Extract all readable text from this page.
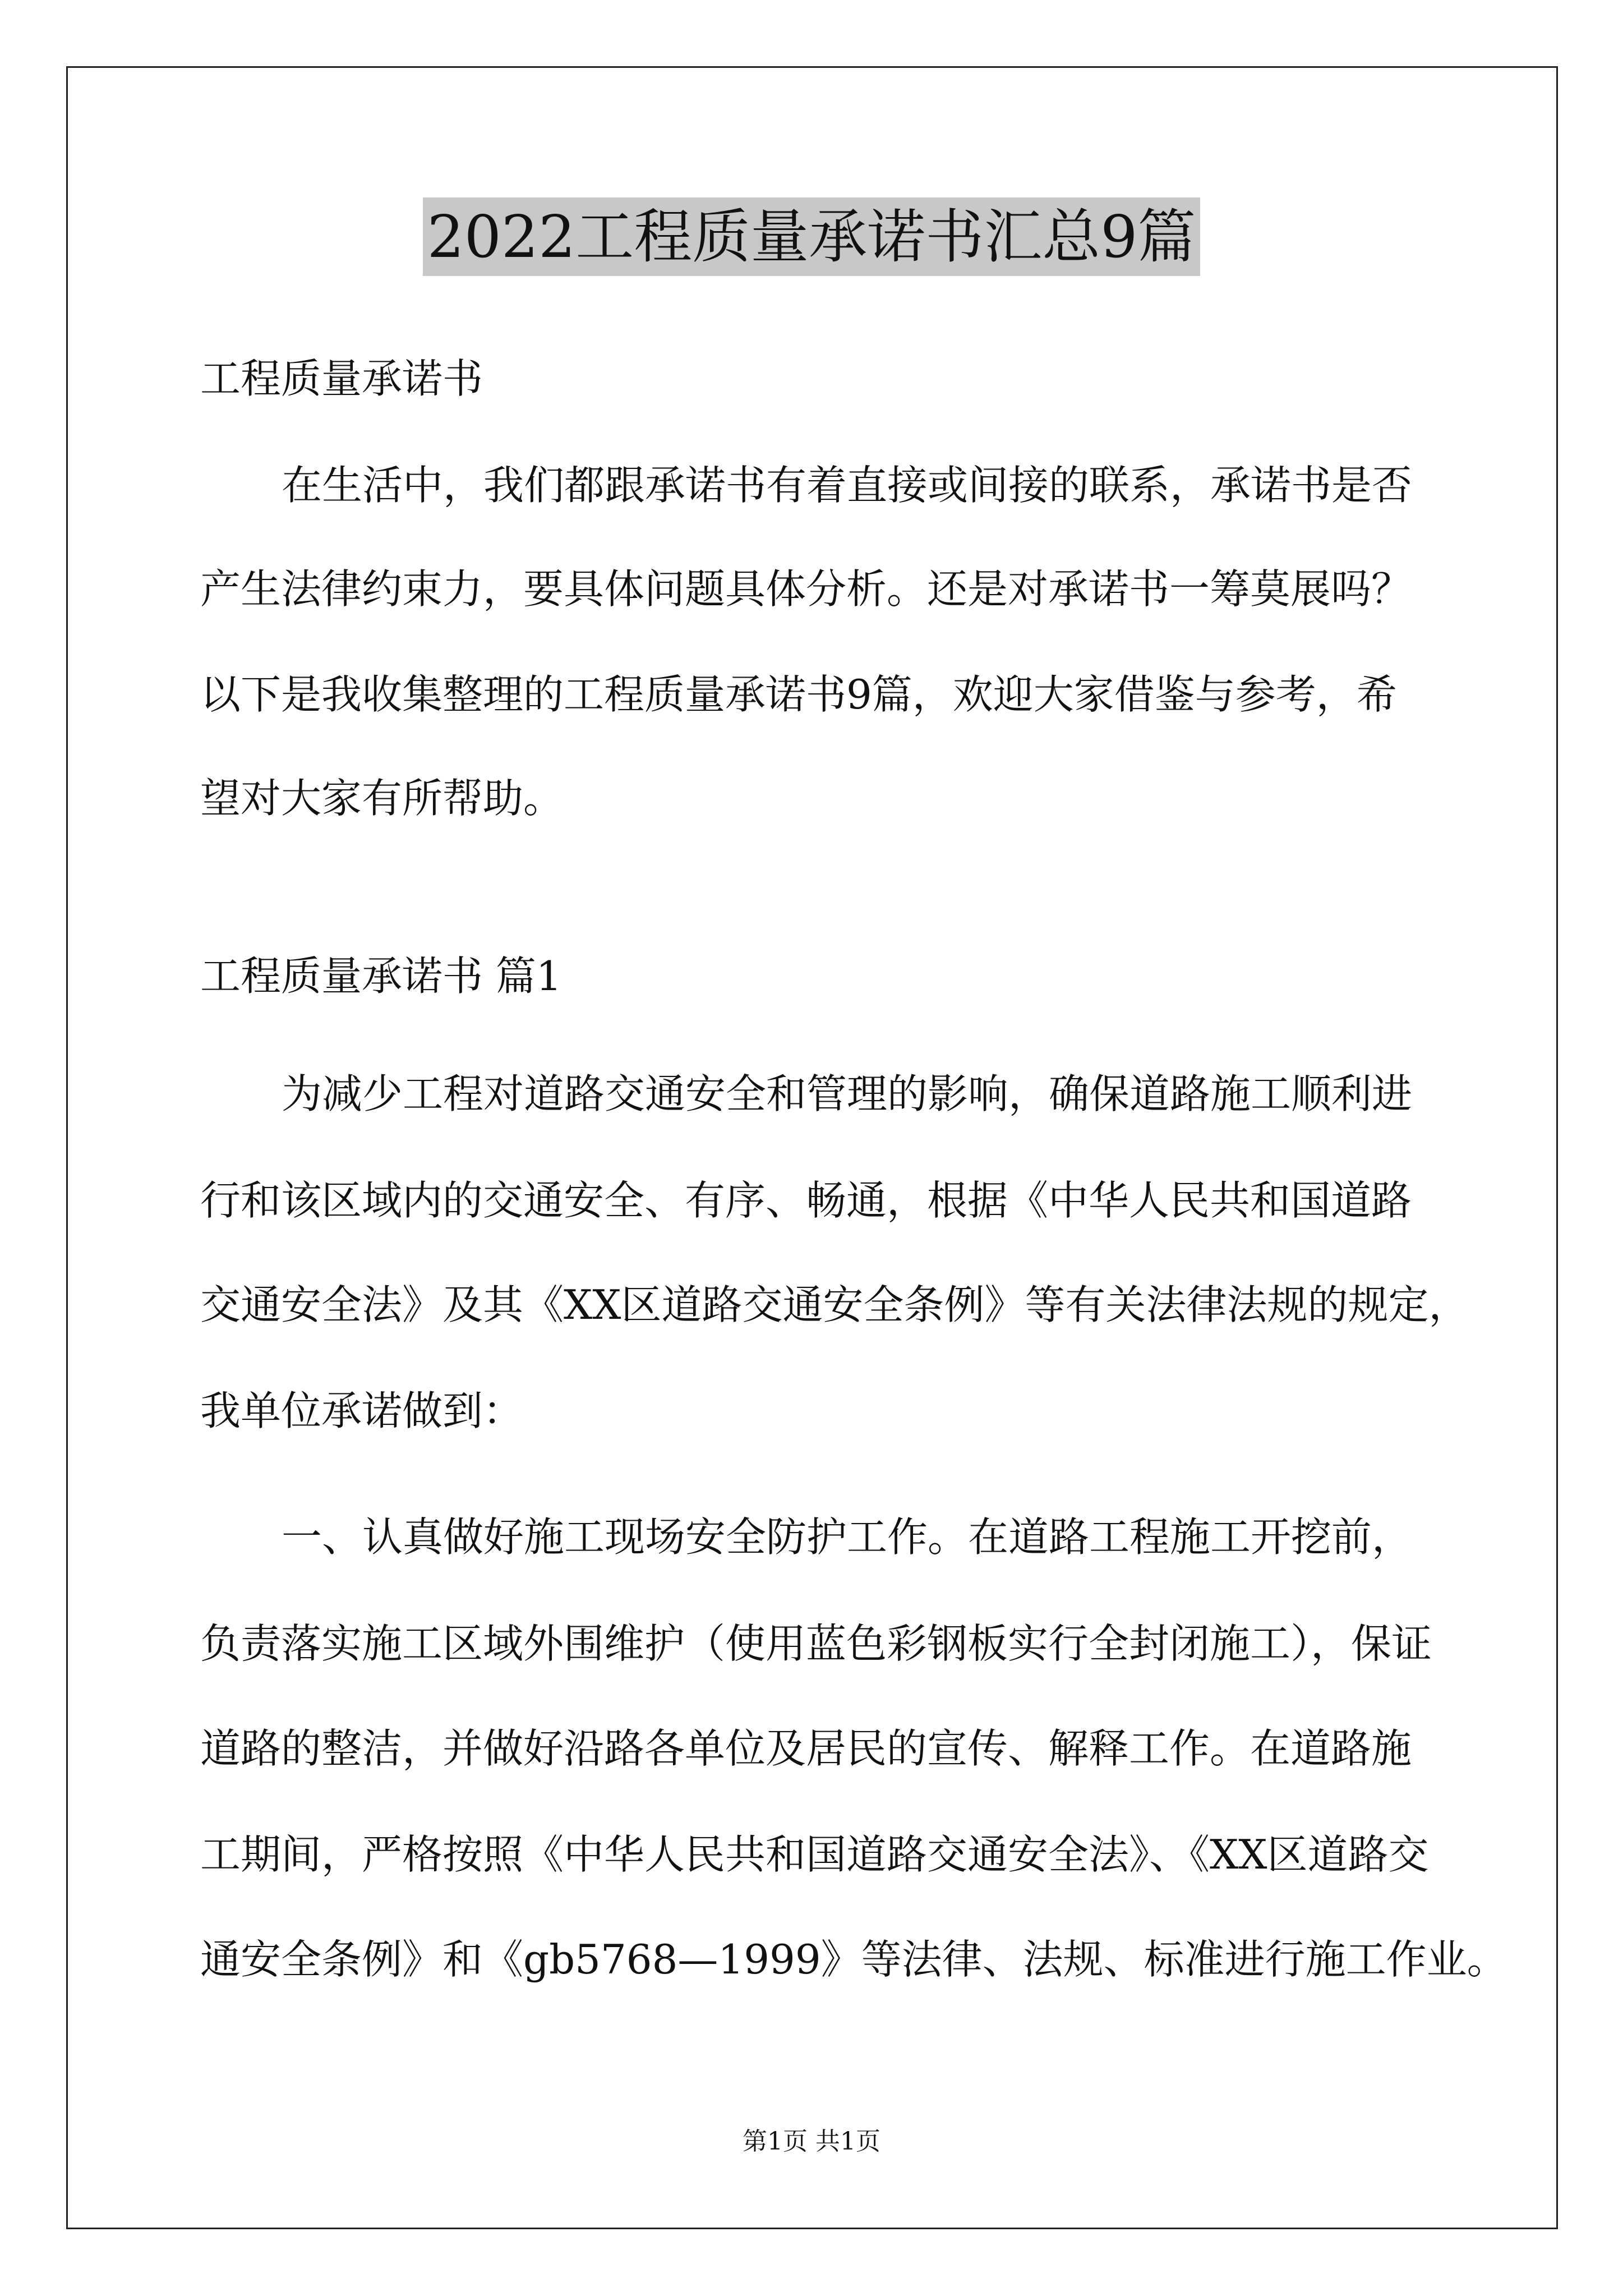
2022工程质量承诺书汇总9篇
工程质量承诺书
在生活中，我们都跟承诺书有着直接或间接的联系，承诺书是否
产生法律约束力，要具体问题具体分析。还是对承诺书一筹莫展吗？
以下是我收集整理的工程质量承诺书9篇，欢迎大家借鉴与参考，希
望对大家有所帮助。
工程质量承诺书 篇1
为减少工程对道路交通安全和管理的影响，确保道路施工顺利进
行和该区域内的交通安全、有序、畅通，根据《中华人民共和国道路
交通安全法》及其《XX区道路交通安全条例》等有关法律法规的规定，
我单位承诺做到：
一、认真做好施工现场安全防护工作。在道路工程施工开挖前，
负责落实施工区域外围维护（使用蓝色彩钢板实行全封闭施工），保证
道路的整洁，并做好沿路各单位及居民的宣传、解释工作。在道路施
工期间，严格按照《中华人民共和国道路交通安全法》、《XX区道路交
通安全条例》和《gb5768—1999》等法律、法规、标准进行施工作业。
第1页 共1页
